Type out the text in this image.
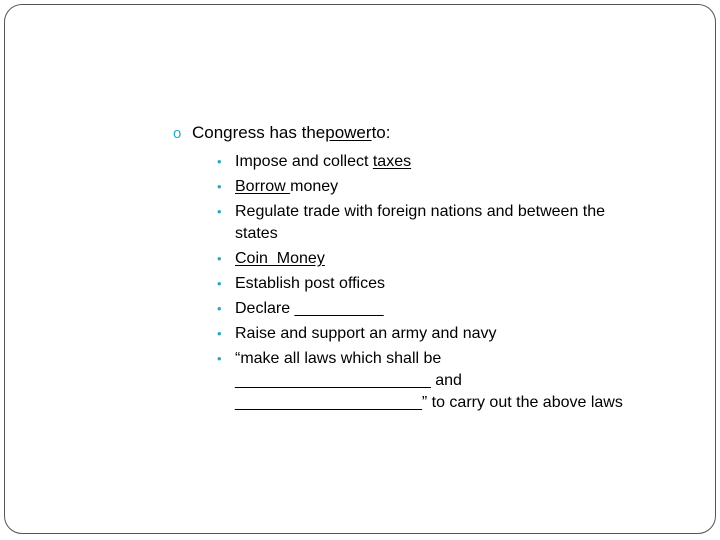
o Congress has the power to:
• Impose and collect taxes
• Borrow money
• Regulate trade with foreign nations and between the
states
• Coin  Money
• Establish post offices
• Declare __________
• Raise and support an army and navy
• “make all laws which shall be
______________________ and
_____________________” to carry out the above laws
